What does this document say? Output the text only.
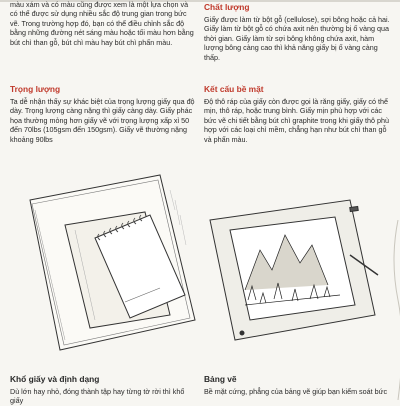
màu xám và có màu cũng được xem là một lựa chọn và có thể được sử dụng nhiều sắc độ trung gian trong bức vẽ. Trong trường hợp đó, bạn có thể điều chỉnh sắc độ bằng những đường nét sáng màu hoặc tối màu hơn bằng bút chì than gỗ, bút chì màu hay bút chì phấn màu.

Trọng lượng

Ta dễ nhận thấy sự khác biệt của trọng lượng giấy qua độ dày. Trọng lượng càng nặng thì giấy càng dày. Giấy phác họa thường mỏng hơn giấy vẽ với trọng lượng xấp xỉ 50 đến 70lbs (105gsm đến 150gsm). Giấy vẽ thường nặng khoảng 90lbs

Chất lượng

Giấy được làm từ bột gỗ (cellulose), sợi bông hoặc cả hai. Giấy làm từ bột gỗ có chứa axit nên thường bị ố vàng qua thời gian. Giấy làm từ sợi bông không chứa axit, hàm lượng bông càng cao thì khả năng giấy bị ố vàng càng thấp.

Kết cấu bề mặt

Độ thô ráp của giấy còn được gọi là răng giấy, giấy có thể mịn, thô ráp, hoặc trung bình. Giấy mịn phù hợp với các bức vẽ chi tiết bằng bút chì graphite trong khi giấy thô phù hợp với các loại chì mềm, chẳng hạn như bút chì than gỗ và phấn màu.

Khổ giấy và định dạng

Dù lớn hay nhỏ, đóng thành tập hay từng tờ rời thì khổ giấy

Bảng vẽ

Bề mặt cứng, phẳng của bảng vẽ giúp bạn kiểm soát bức
